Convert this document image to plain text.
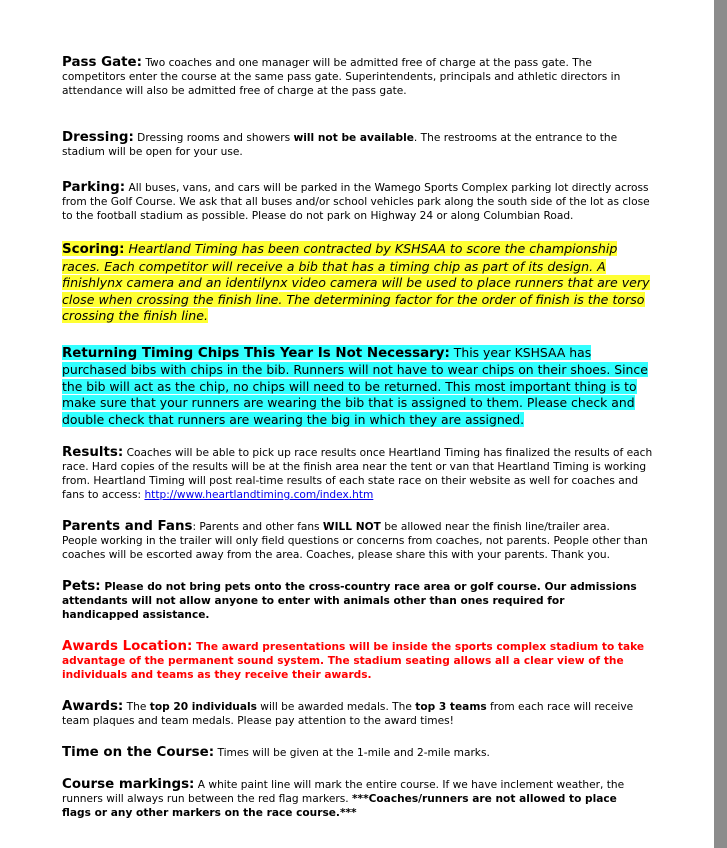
Pass Gate: Two coaches and one manager will be admitted free of charge at the pass gate. The competitors enter the course at the same pass gate. Superintendents, principals and athletic directors in attendance will also be admitted free of charge at the pass gate.

Dressing: Dressing rooms and showers will not be available. The restrooms at the entrance to the stadium will be open for your use.

Parking: All buses, vans, and cars will be parked in the Wamego Sports Complex parking lot directly across from the Golf Course. We ask that all buses and/or school vehicles park along the south side of the lot as close to the football stadium as possible. Please do not park on Highway 24 or along Columbian Road.

Scoring: Heartland Timing has been contracted by KSHSAA to score the championship races. Each competitor will receive a bib that has a timing chip as part of its design. A finishlynx camera and an identilynx video camera will be used to place runners that are very close when crossing the finish line. The determining factor for the order of finish is the torso crossing the finish line.

Returning Timing Chips This Year Is Not Necessary: This year KSHSAA has purchased bibs with chips in the bib. Runners will not have to wear chips on their shoes. Since the bib will act as the chip, no chips will need to be returned. This most important thing is to make sure that your runners are wearing the bib that is assigned to them. Please check and double check that runners are wearing the big in which they are assigned.

Results: Coaches will be able to pick up race results once Heartland Timing has finalized the results of each race. Hard copies of the results will be at the finish area near the tent or van that Heartland Timing is working from. Heartland Timing will post real-time results of each state race on their website as well for coaches and fans to access: http://www.heartlandtiming.com/index.htm

Parents and Fans: Parents and other fans WILL NOT be allowed near the finish line/trailer area.
People working in the trailer will only field questions or concerns from coaches, not parents. People other than coaches will be escorted away from the area. Coaches, please share this with your parents. Thank you.

Pets: Please do not bring pets onto the cross-country race area or golf course. Our admissions attendants will not allow anyone to enter with animals other than ones required for
handicapped assistance.

Awards Location: The award presentations will be inside the sports complex stadium to take advantage of the permanent sound system. The stadium seating allows all a clear view of the individuals and teams as they receive their awards.

Awards: The top 20 individuals will be awarded medals. The top 3 teams from each race will receive team plaques and team medals. Please pay attention to the award times!

Time on the Course: Times will be given at the 1-mile and 2-mile marks.

Course markings: A white paint line will mark the entire course. If we have inclement weather, the runners will always run between the red flag markers. ***Coaches/runners are not allowed to place
flags or any other markers on the race course.***
